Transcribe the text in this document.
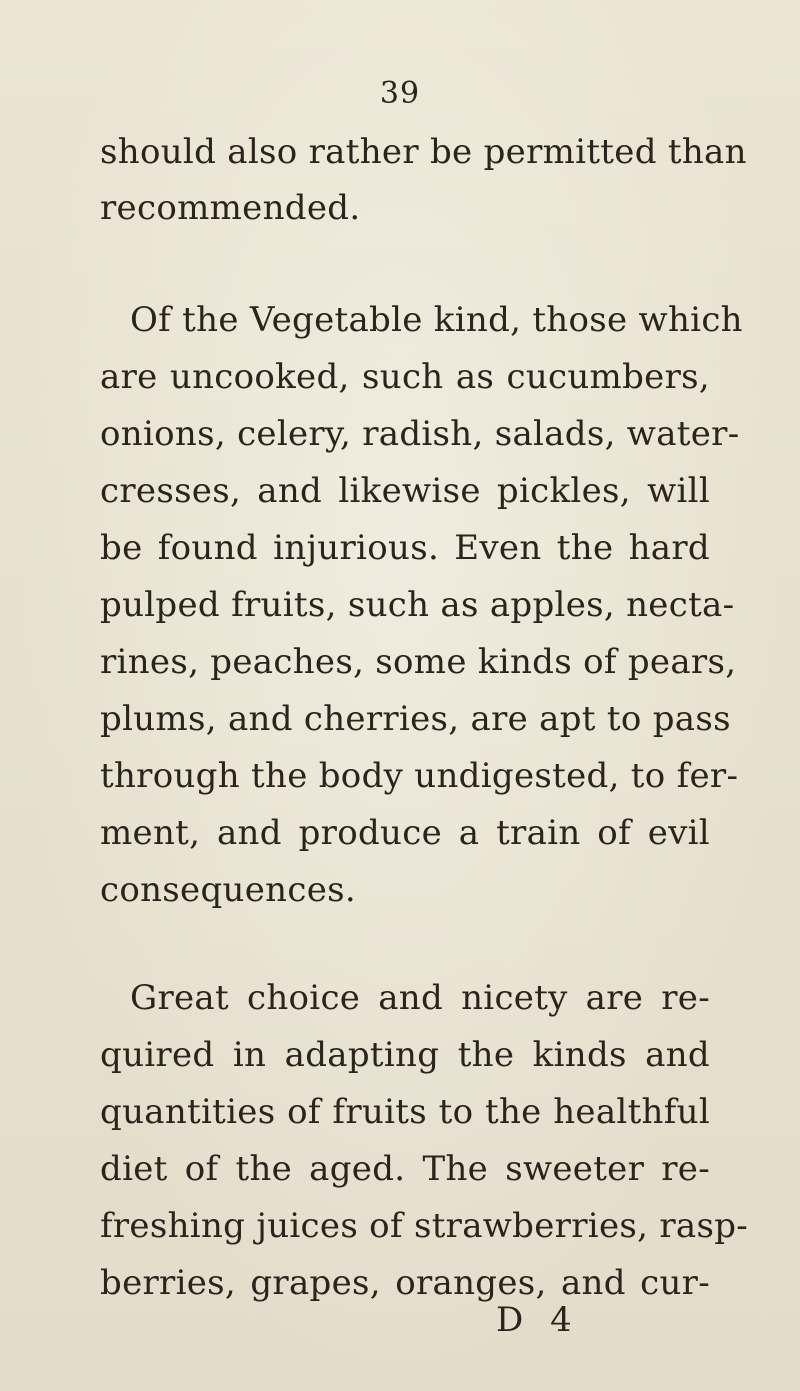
39
should also rather be permitted than
recommended.
Of the Vegetable kind, those which
are uncooked, such as cucumbers,
onions, celery, radish, salads, water-
cresses, and likewise pickles, will
be found injurious. Even the hard
pulped fruits, such as apples, necta-
rines, peaches, some kinds of pears,
plums, and cherries, are apt to pass
through the body undigested, to fer-
ment, and produce a train of evil
consequences.
Great choice and nicety are re-
quired in adapting the kinds and
quantities of fruits to the healthful
diet of the aged. The sweeter re-
freshing juices of strawberries, rasp-
berries, grapes, oranges, and cur-
D 4
